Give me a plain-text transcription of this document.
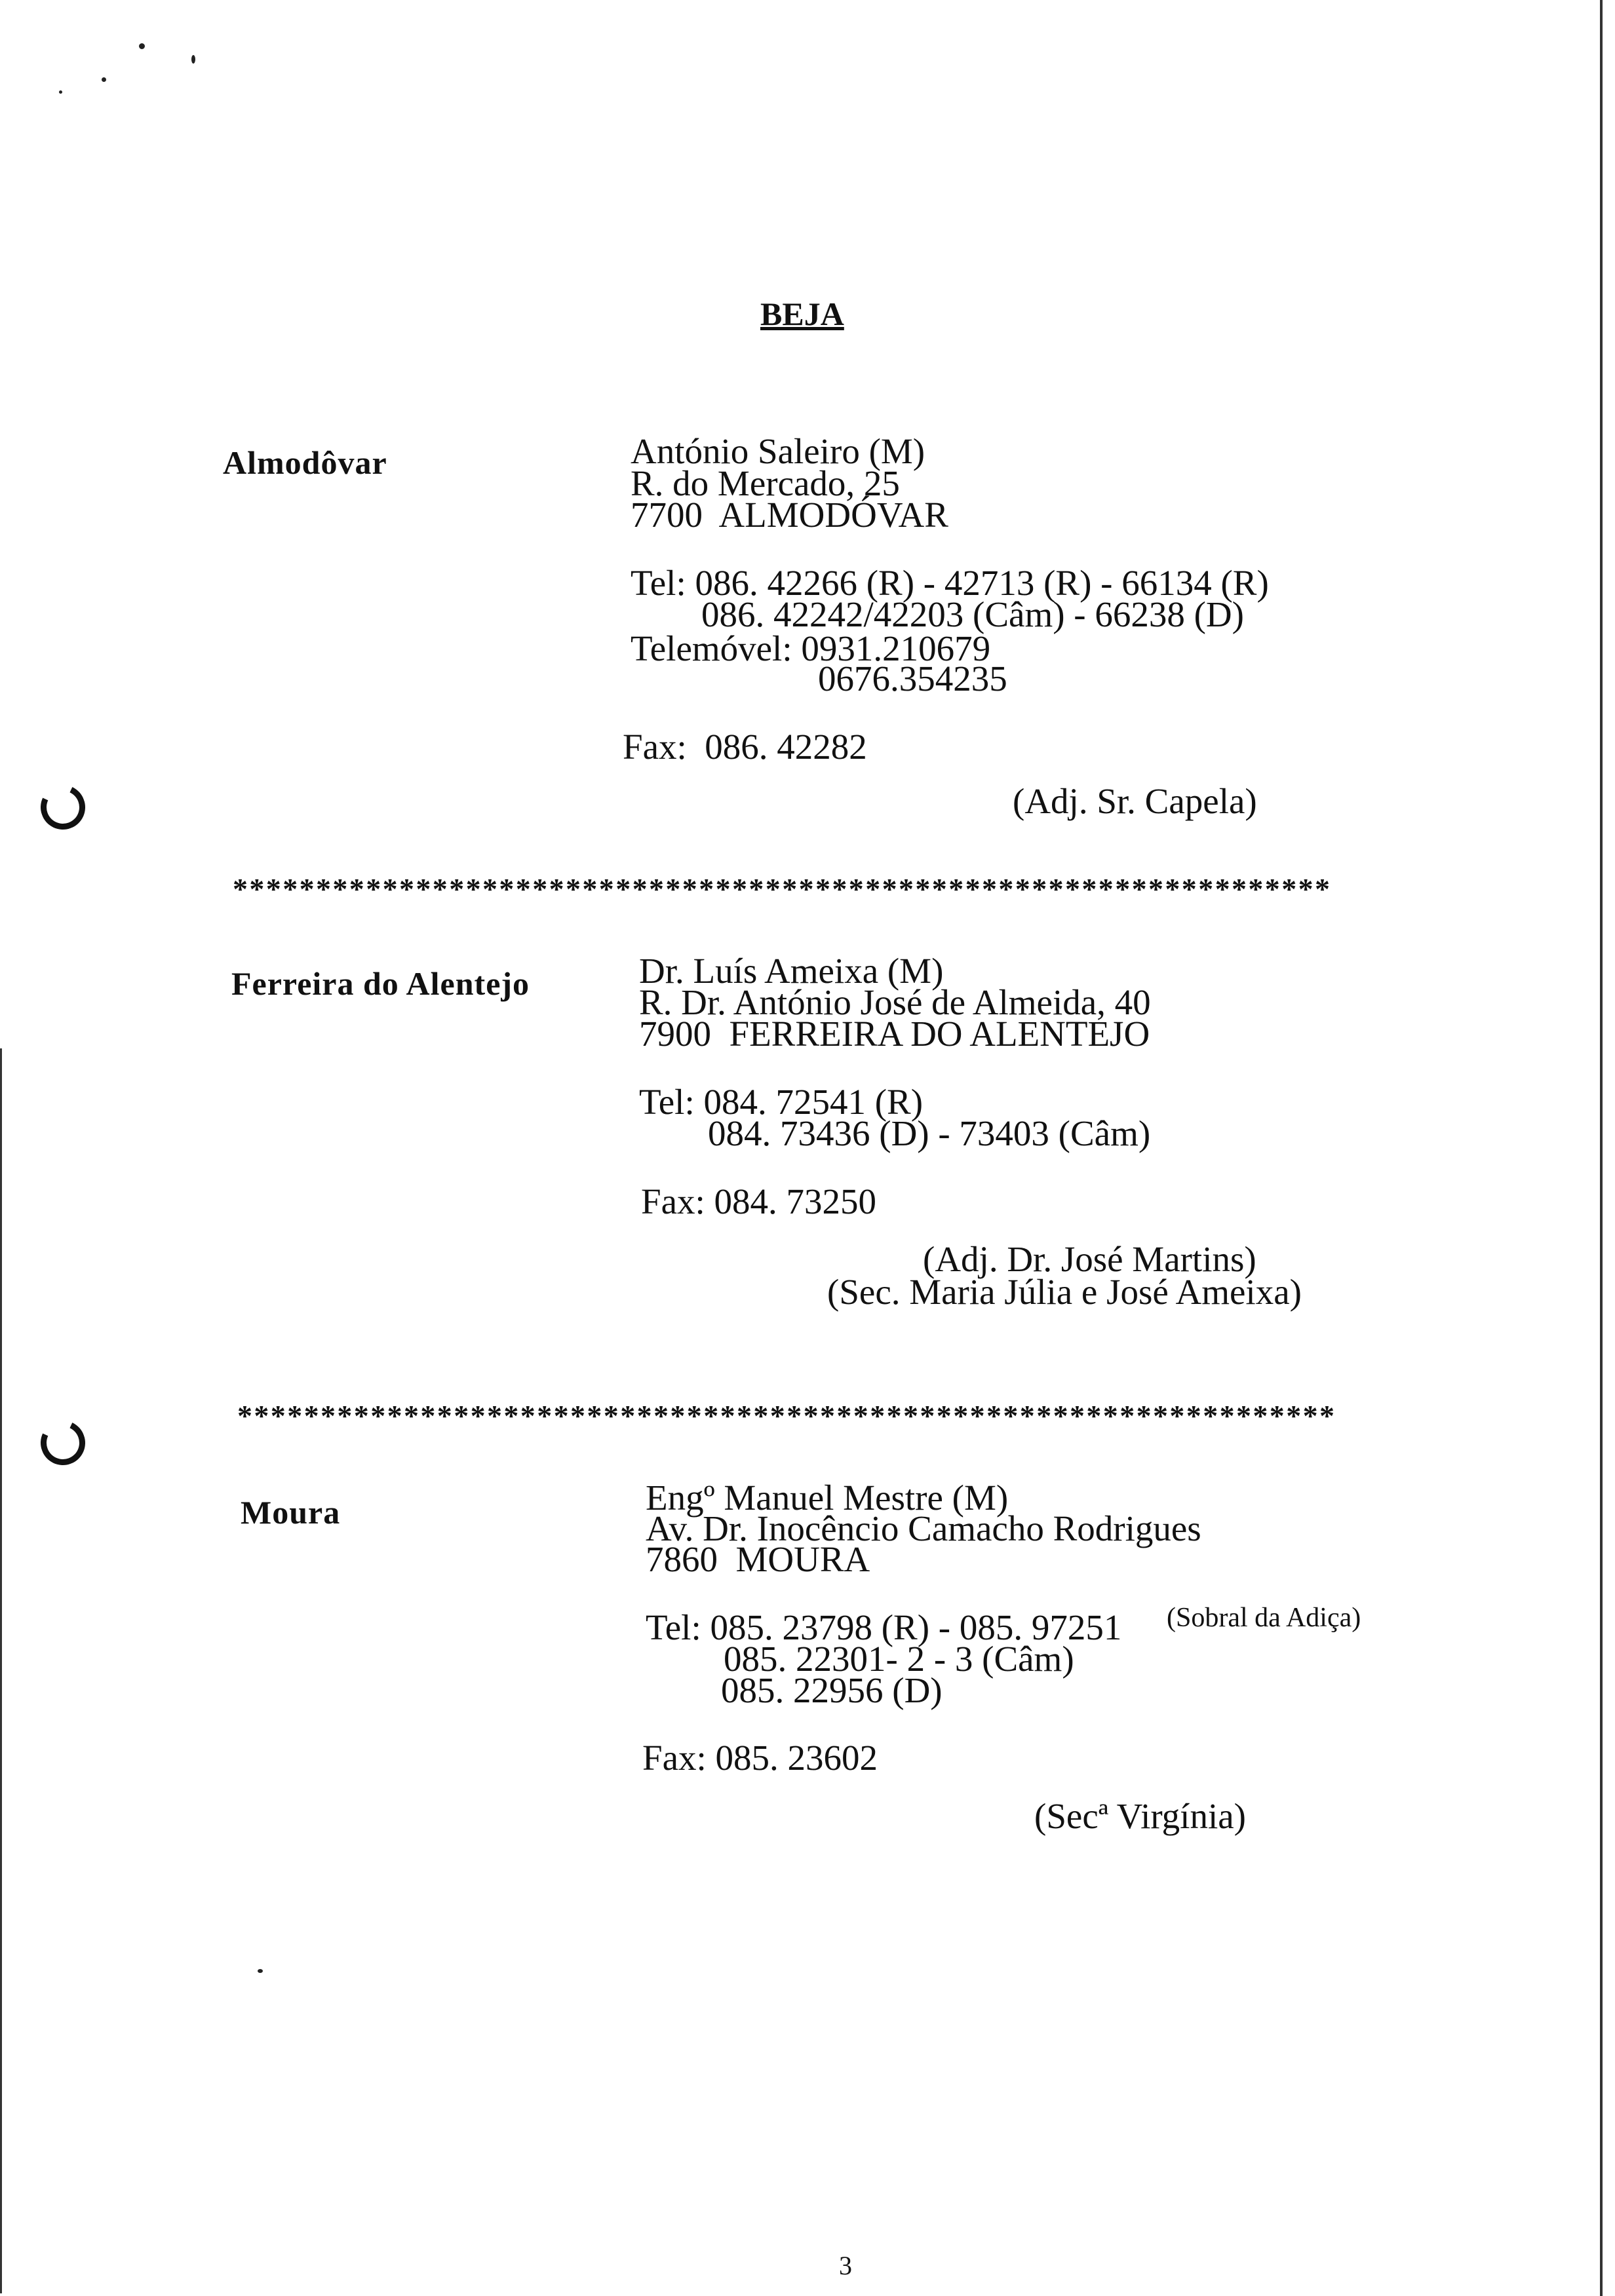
BEJA
Almodôvar	António Saleiro (M)
R. do Mercado, 25
7700  ALMODÓVAR
Tel: 086. 42266 (R) - 42713 (R) - 66134 (R)
086. 42242/42203 (Câm) - 66238 (D)
Telemóvel: 0931.210679
0676.354235
Fax:  086. 42282
(Adj. Sr. Capela)
******************************************************************
Ferreira do Alentejo	Dr. Luís Ameixa (M)
R. Dr. António José de Almeida, 40
7900  FERREIRA DO ALENTEJO
Tel: 084. 72541 (R)
084. 73436 (D) - 73403 (Câm)
Fax: 084. 73250
(Adj. Dr. José Martins)
(Sec. Maria Júlia e José Ameixa)
******************************************************************
Moura	Engº Manuel Mestre (M)
Av. Dr. Inocêncio Camacho Rodrigues
7860  MOURA
Tel: 085. 23798 (R) - 085. 97251 (Sobral da Adiça)
085. 22301- 2 - 3 (Câm)
085. 22956 (D)
Fax: 085. 23602
(Secª Virgínia)
3
